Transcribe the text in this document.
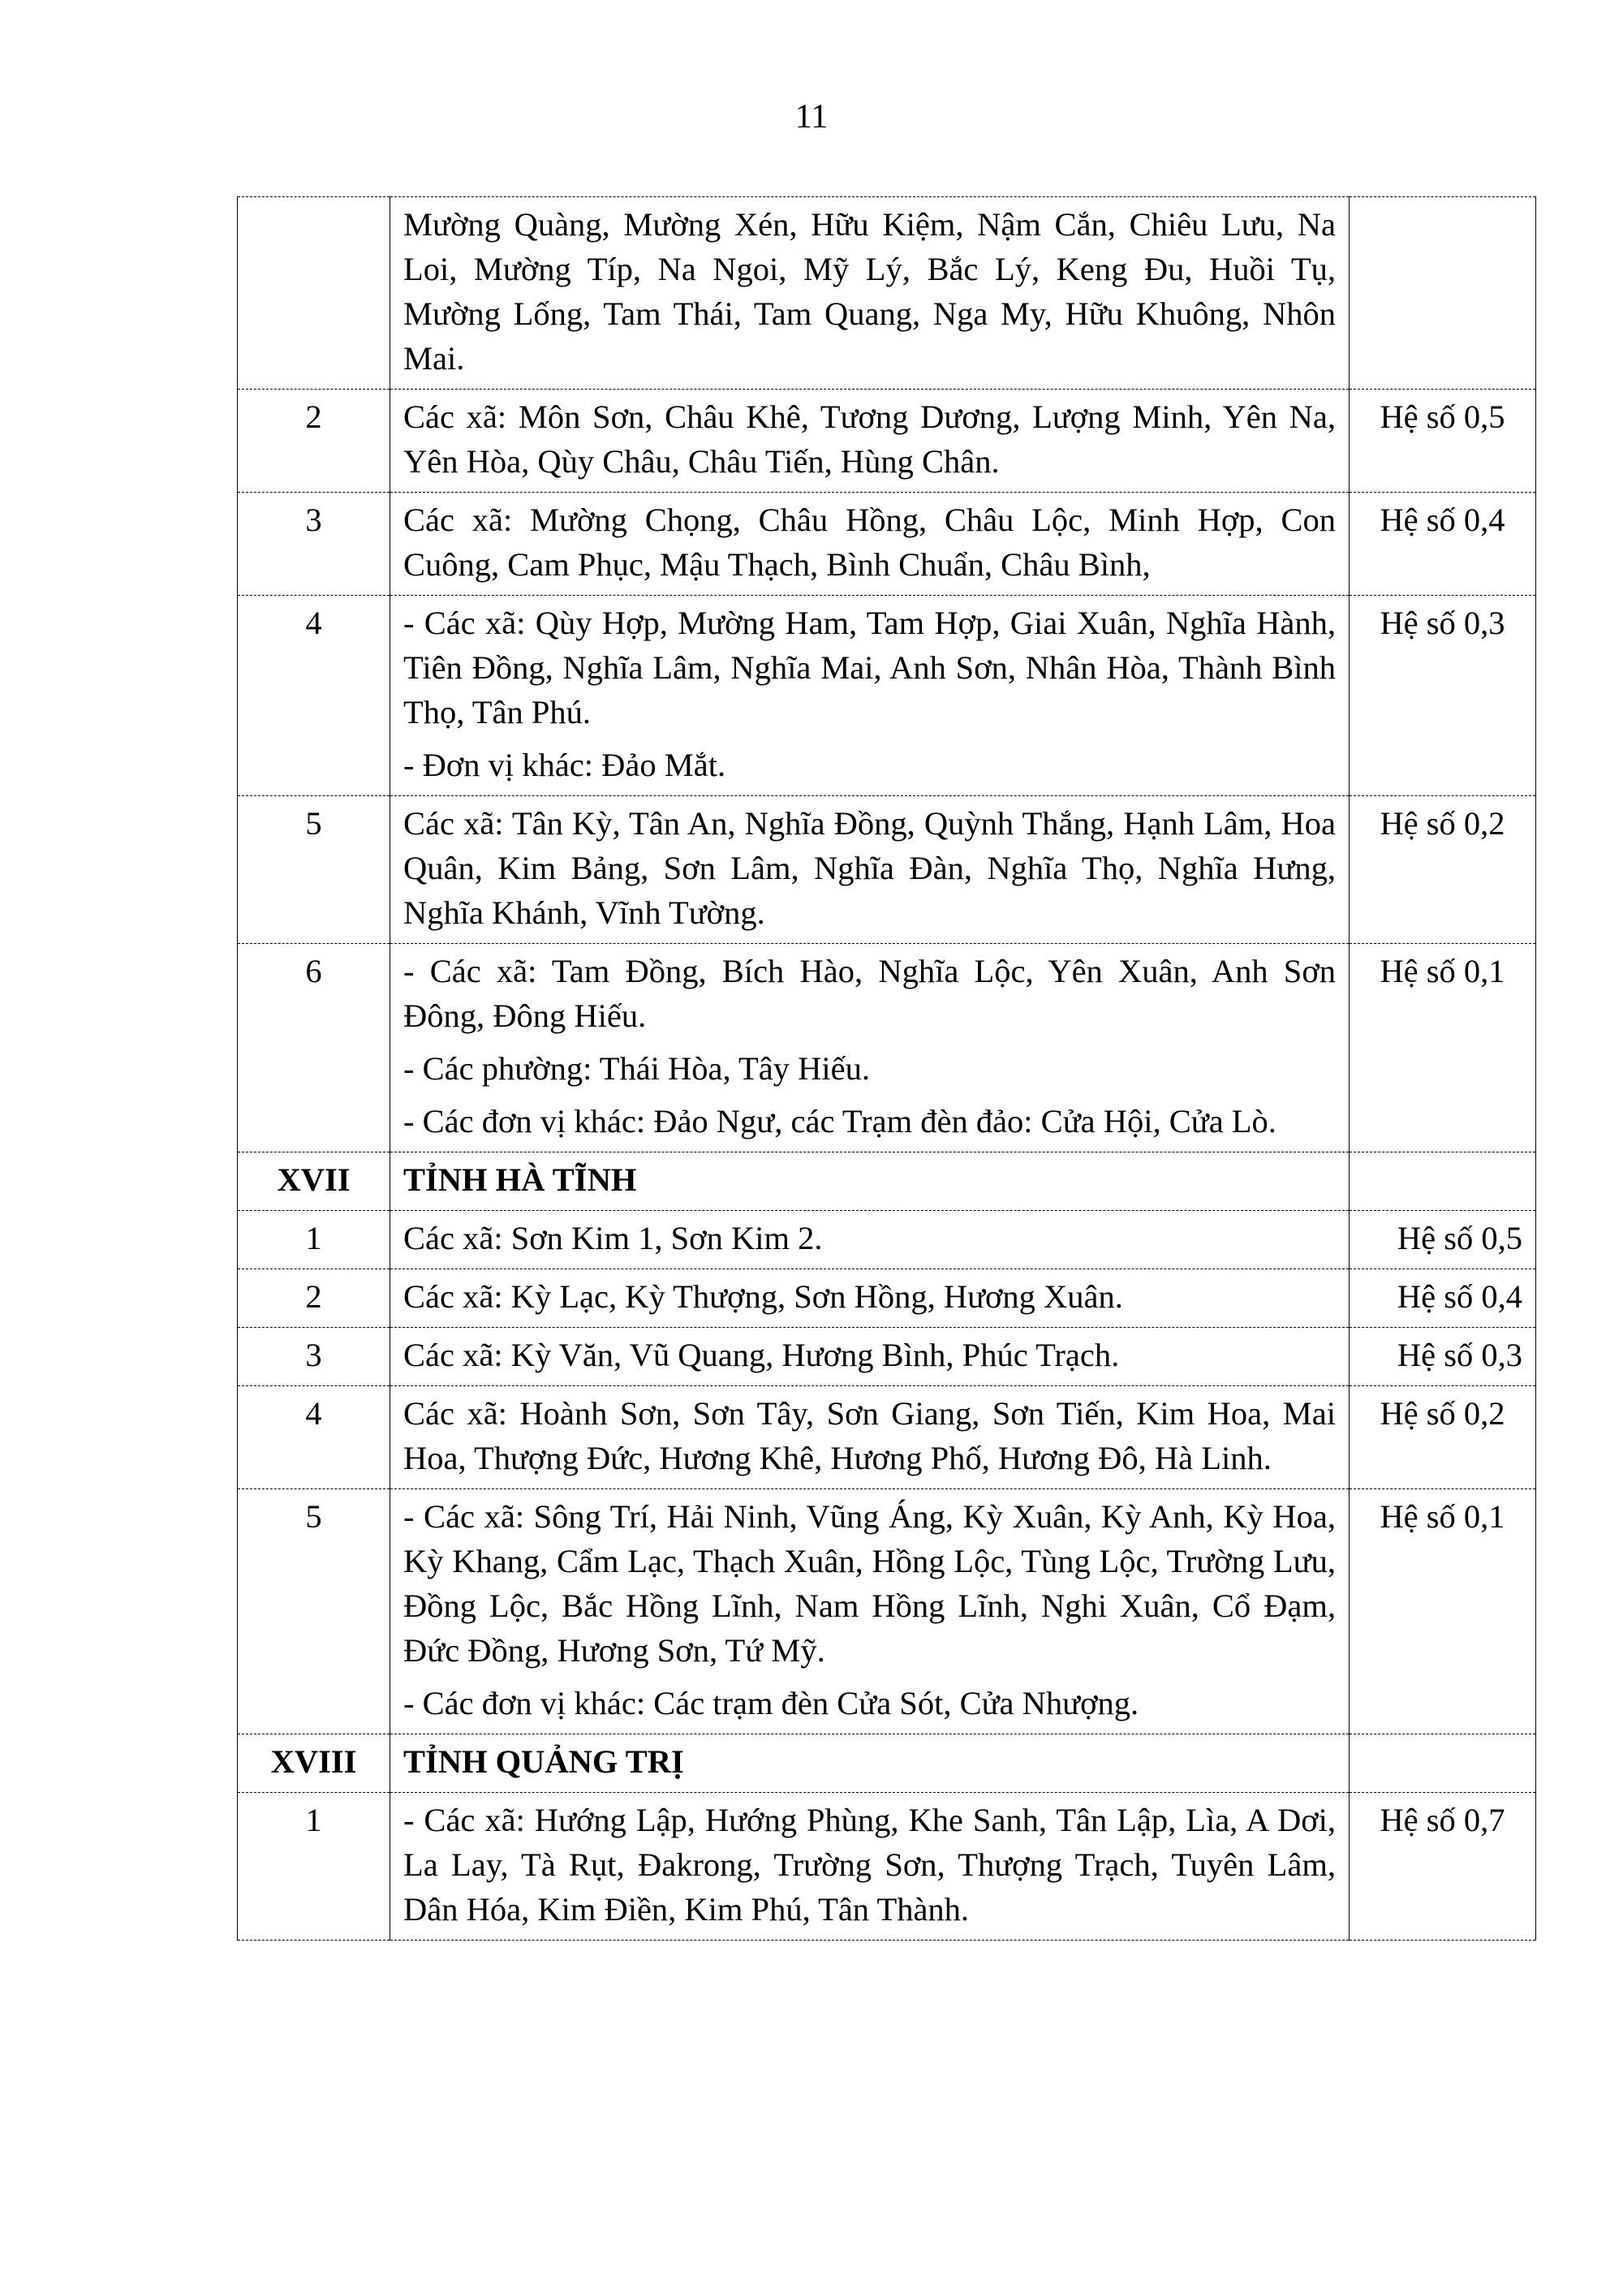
11

	Mường Quàng, Mường Xén, Hữu Kiệm, Nậm Cắn, Chiêu Lưu, Na Loi, Mường Típ, Na Ngoi, Mỹ Lý, Bắc Lý, Keng Đu, Huồi Tụ, Mường Lống, Tam Thái, Tam Quang, Nga My, Hữu Khuông, Nhôn Mai.	

2	Các xã: Môn Sơn, Châu Khê, Tương Dương, Lượng Minh, Yên Na, Yên Hòa, Qùy Châu, Châu Tiến, Hùng Chân.	Hệ số 0,5
3	Các xã: Mường Chọng, Châu Hồng, Châu Lộc, Minh Hợp, Con Cuông, Cam Phục, Mậu Thạch, Bình Chuẩn, Châu Bình,	Hệ số 0,4
4	- Các xã: Qùy Hợp, Mường Ham, Tam Hợp, Giai Xuân, Nghĩa Hành, Tiên Đồng, Nghĩa Lâm, Nghĩa Mai, Anh Sơn, Nhân Hòa, Thành Bình Thọ, Tân Phú.
- Đơn vị khác: Đảo Mắt.	Hệ số 0,3
5	Các xã: Tân Kỳ, Tân An, Nghĩa Đồng, Quỳnh Thắng, Hạnh Lâm, Hoa Quân, Kim Bảng, Sơn Lâm, Nghĩa Đàn, Nghĩa Thọ, Nghĩa Hưng, Nghĩa Khánh, Vĩnh Tường.	Hệ số 0,2
6	- Các xã: Tam Đồng, Bích Hào, Nghĩa Lộc, Yên Xuân, Anh Sơn Đông, Đông Hiếu.
- Các phường: Thái Hòa, Tây Hiếu.
- Các đơn vị khác: Đảo Ngư, các Trạm đèn đảo: Cửa Hội, Cửa Lò.	Hệ số 0,1
XVII	TỈNH HÀ TĨNH	
1	Các xã: Sơn Kim 1, Sơn Kim 2.	Hệ số 0,5
2	Các xã: Kỳ Lạc, Kỳ Thượng, Sơn Hồng, Hương Xuân.	Hệ số 0,4
3	Các xã: Kỳ Văn, Vũ Quang, Hương Bình, Phúc Trạch.	Hệ số 0,3
4	Các xã: Hoành Sơn, Sơn Tây, Sơn Giang, Sơn Tiến, Kim Hoa, Mai Hoa, Thượng Đức, Hương Khê, Hương Phố, Hương Đô, Hà Linh.	Hệ số 0,2
5	- Các xã: Sông Trí, Hải Ninh, Vũng Áng, Kỳ Xuân, Kỳ Anh, Kỳ Hoa, Kỳ Khang, Cẩm Lạc, Thạch Xuân, Hồng Lộc, Tùng Lộc, Trường Lưu, Đồng Lộc, Bắc Hồng Lĩnh, Nam Hồng Lĩnh, Nghi Xuân, Cổ Đạm, Đức Đồng, Hương Sơn, Tứ Mỹ.
- Các đơn vị khác: Các trạm đèn Cửa Sót, Cửa Nhượng.	Hệ số 0,1
XVIII	TỈNH QUẢNG TRỊ	
1	- Các xã: Hướng Lập, Hướng Phùng, Khe Sanh, Tân Lập, Lìa, A Dơi, La Lay, Tà Rụt, Đakrong, Trường Sơn, Thượng Trạch, Tuyên Lâm, Dân Hóa, Kim Điền, Kim Phú, Tân Thành.	Hệ số 0,7
